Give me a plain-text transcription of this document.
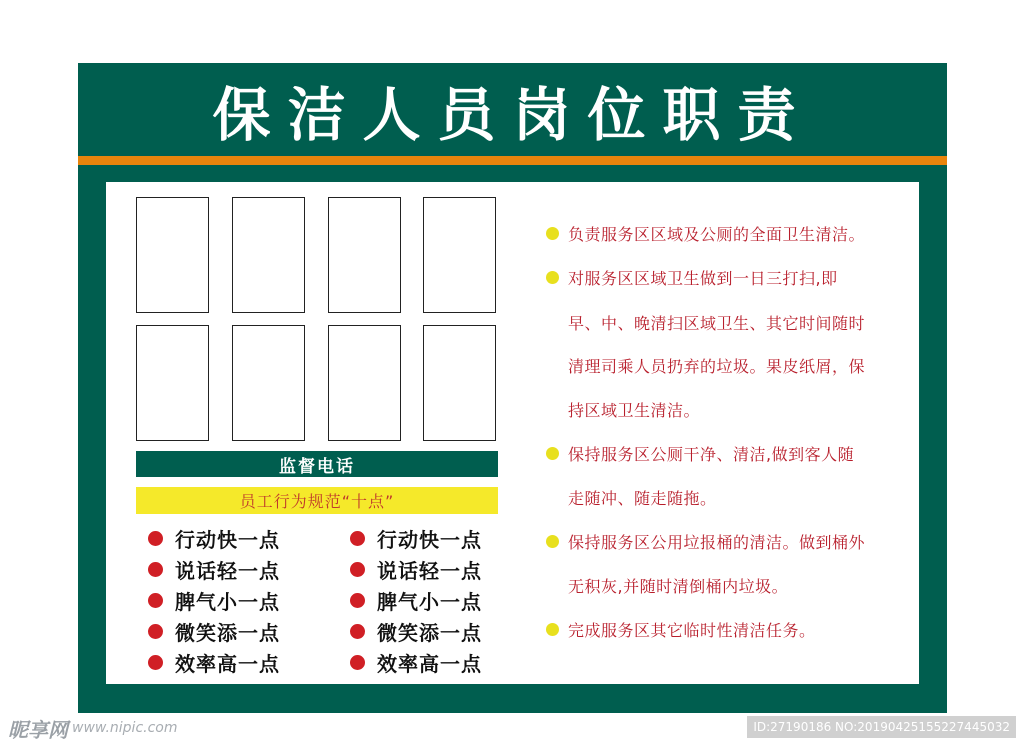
保洁人员岗位职责
监督电话
员工行为规范“十点”
行动快一点
说话轻一点
脾气小一点
微笑添一点
效率高一点
行动快一点
说话轻一点
脾气小一点
微笑添一点
效率高一点
负责服务区区域及公厕的全面卫生清洁。
对服务区区域卫生做到一日三打扫,即
早、中、晚清扫区域卫生、其它时间随时
清理司乘人员扔弃的垃圾。果皮纸屑，保
持区域卫生清洁。
保持服务区公厕干净、清洁,做到客人随
走随冲、随走随拖。
保持服务区公用垃报桶的清洁。做到桶外
无积灰,并随时清倒桶内垃圾。
完成服务区其它临时性清洁任务。
昵享网 www.nipic.com	ID:27190186 NO:20190425155227445032
